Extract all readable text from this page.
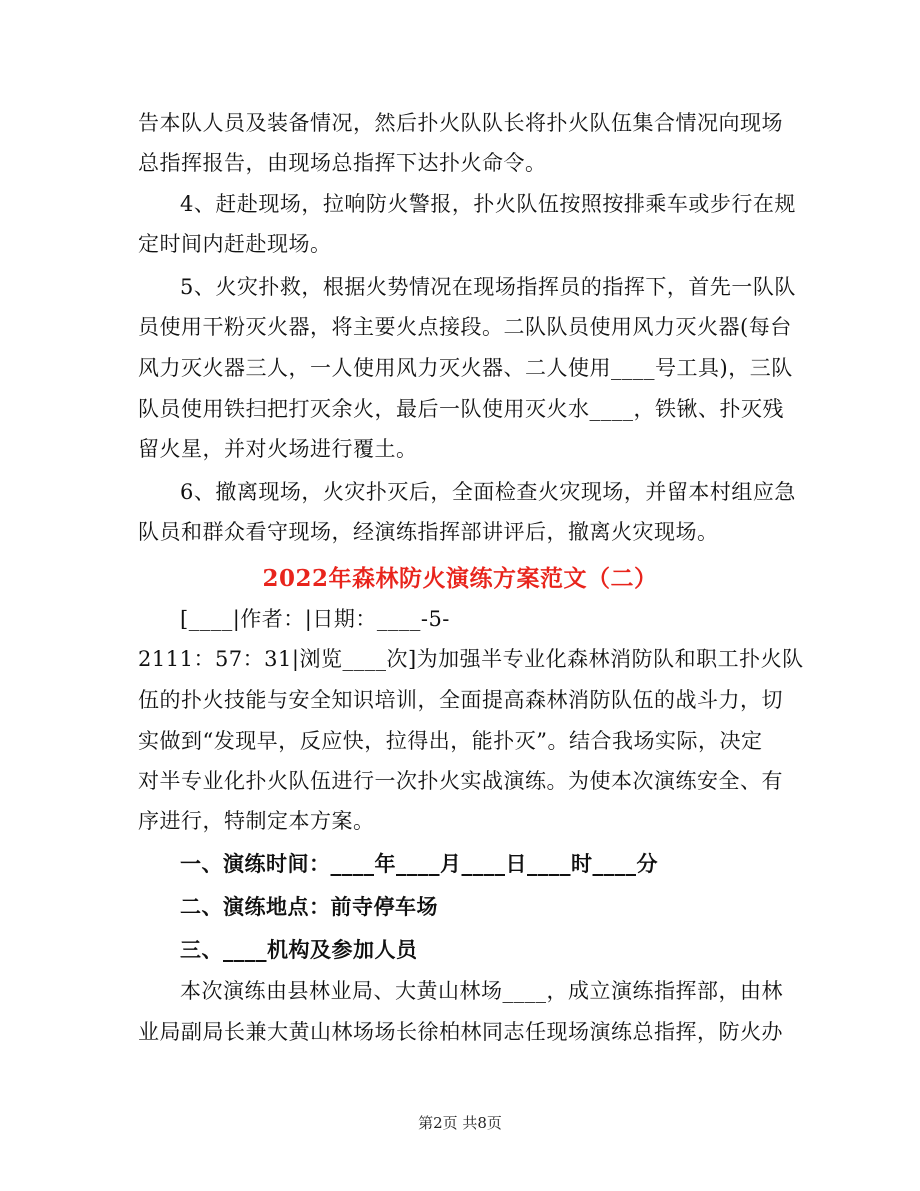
告本队人员及装备情况，然后扑火队队长将扑火队伍集合情况向现场
总指挥报告，由现场总指挥下达扑火命令。
4、赶赴现场，拉响防火警报，扑火队伍按照按排乘车或步行在规
定时间内赶赴现场。
5、火灾扑救，根据火势情况在现场指挥员的指挥下，首先一队队
员使用干粉灭火器，将主要火点接段。二队队员使用风力灭火器(每台
风力灭火器三人，一人使用风力灭火器、二人使用____号工具)，三队
队员使用铁扫把打灭余火，最后一队使用灭火水____，铁锹、扑灭残
留火星，并对火场进行覆土。
6、撤离现场，火灾扑灭后，全面检查火灾现场，并留本村组应急
队员和群众看守现场，经演练指挥部讲评后，撤离火灾现场。
2022年森林防火演练方案范文（二）
[____|作者：|日期：____-5-
2111：57：31|浏览____次]为加强半专业化森林消防队和职工扑火队
伍的扑火技能与安全知识培训，全面提高森林消防队伍的战斗力，切
实做到“发现早，反应快，拉得出，能扑灭”。结合我场实际，决定
对半专业化扑火队伍进行一次扑火实战演练。为使本次演练安全、有
序进行，特制定本方案。
一、演练时间：____年____月____日____时____分
二、演练地点：前寺停车场
三、____机构及参加人员
本次演练由县林业局、大黄山林场____，成立演练指挥部，由林
业局副局长兼大黄山林场场长徐柏林同志任现场演练总指挥，防火办
第2页 共8页
